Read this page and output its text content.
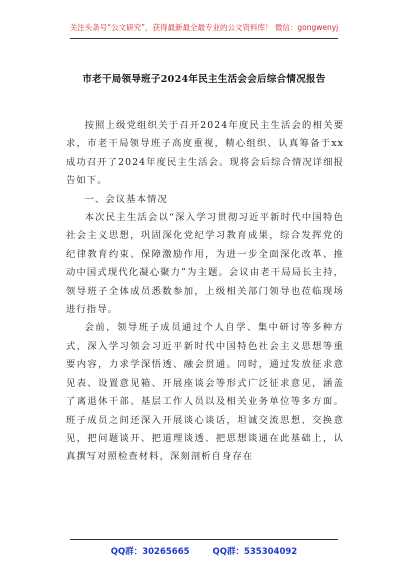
关注头条号“公文研究”，获得最新最全最专业的公文资料库！ 微信：gongwenyj
市老干局领导班子2024年民主生活会会后综合情况报告

按照上级党组织关于召开2024年度民主生活会的相关要求，市老干局领导班子高度重视，精心组织、认真筹备于xx成功召开了2024年度民主生活会。现将会后综合情况详细报告如下。

一、会议基本情况

本次民主生活会以“深入学习贯彻习近平新时代中国特色社会主义思想，巩固深化党纪学习教育成果，综合发挥党的纪律教育约束、保障激励作用，为进一步全面深化改革、推动中国式现代化凝心聚力”为主题。会议由老干局局长主持，领导班子全体成员悉数参加，上级相关部门领导也莅临现场进行指导。

会前，领导班子成员通过个人自学、集中研讨等多种方式，深入学习领会习近平新时代中国特色社会主义思想等重要内容，力求学深悟透、融会贯通。同时，通过发放征求意见表、设置意见箱、开展座谈会等形式广泛征求意见，涵盖了离退休干部、基层工作人员以及相关业务单位等多方面。班子成员之间还深入开展谈心谈话，坦诚交流思想、交换意见，把问题谈开、把道理谈透、把思想谈通在此基础上，认真撰写对照检查材料，深刻剖析自身存在

QQ群：30265665	QQ群：535304092
